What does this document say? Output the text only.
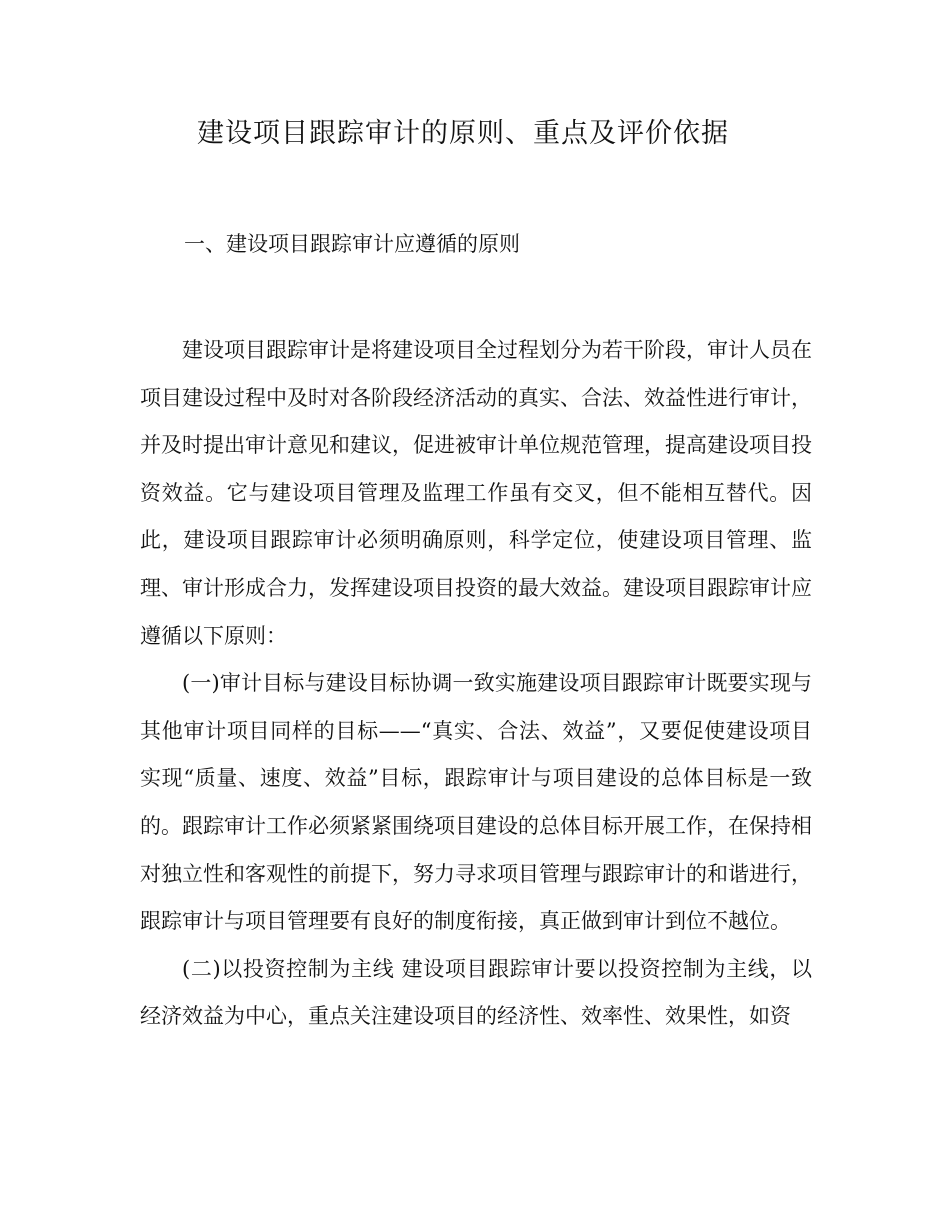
建设项目跟踪审计的原则、重点及评价依据
一、建设项目跟踪审计应遵循的原则

建设项目跟踪审计是将建设项目全过程划分为若干阶段，审计人员在项目建设过程中及时对各阶段经济活动的真实、合法、效益性进行审计，并及时提出审计意见和建议，促进被审计单位规范管理，提高建设项目投资效益。它与建设项目管理及监理工作虽有交叉，但不能相互替代。因此，建设项目跟踪审计必须明确原则，科学定位，使建设项目管理、监理、审计形成合力，发挥建设项目投资的最大效益。建设项目跟踪审计应遵循以下原则：

(一)审计目标与建设目标协调一致实施建设项目跟踪审计既要实现与其他审计项目同样的目标——“真实、合法、效益”，又要促使建设项目实现“质量、速度、效益”目标，跟踪审计与项目建设的总体目标是一致的。跟踪审计工作必须紧紧围绕项目建设的总体目标开展工作，在保持相对独立性和客观性的前提下，努力寻求项目管理与跟踪审计的和谐进行，跟踪审计与项目管理要有良好的制度衔接，真正做到审计到位不越位。

(二)以投资控制为主线 建设项目跟踪审计要以投资控制为主线，以经济效益为中心，重点关注建设项目的经济性、效率性、效果性，如资
